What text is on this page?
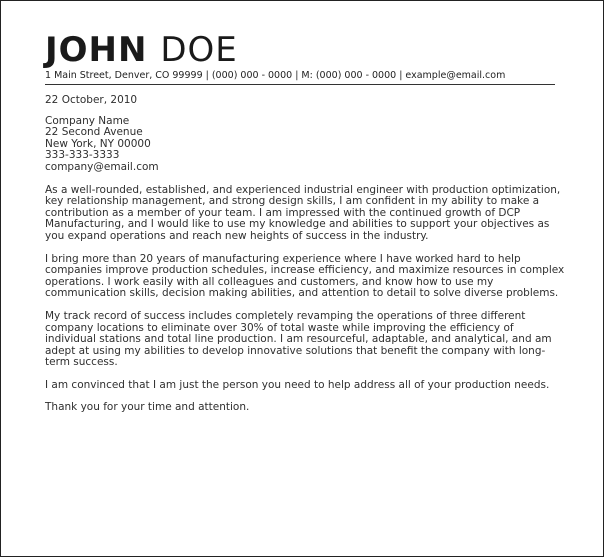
JOHN DOE
1 Main Street, Denver, CO 99999 | (000) 000 - 0000 | M: (000) 000 - 0000 | example@email.com
22 October, 2010
Company Name
22 Second Avenue
New York, NY 00000
333-333-3333
company@email.com
As a well-rounded, established, and experienced industrial engineer with production optimization, key relationship management, and strong design skills, I am confident in my ability to make a contribution as a member of your team. I am impressed with the continued growth of DCP Manufacturing, and I would like to use my knowledge and abilities to support your objectives as you expand operations and reach new heights of success in the industry.
I bring more than 20 years of manufacturing experience where I have worked hard to help companies improve production schedules, increase efficiency, and maximize resources in complex operations. I work easily with all colleagues and customers, and know how to use my communication skills, decision making abilities, and attention to detail to solve diverse problems.
My track record of success includes completely revamping the operations of three different company locations to eliminate over 30% of total waste while improving the efficiency of individual stations and total line production. I am resourceful, adaptable, and analytical, and am adept at using my abilities to develop innovative solutions that benefit the company with long-term success.
I am convinced that I am just the person you need to help address all of your production needs.
Thank you for your time and attention.
